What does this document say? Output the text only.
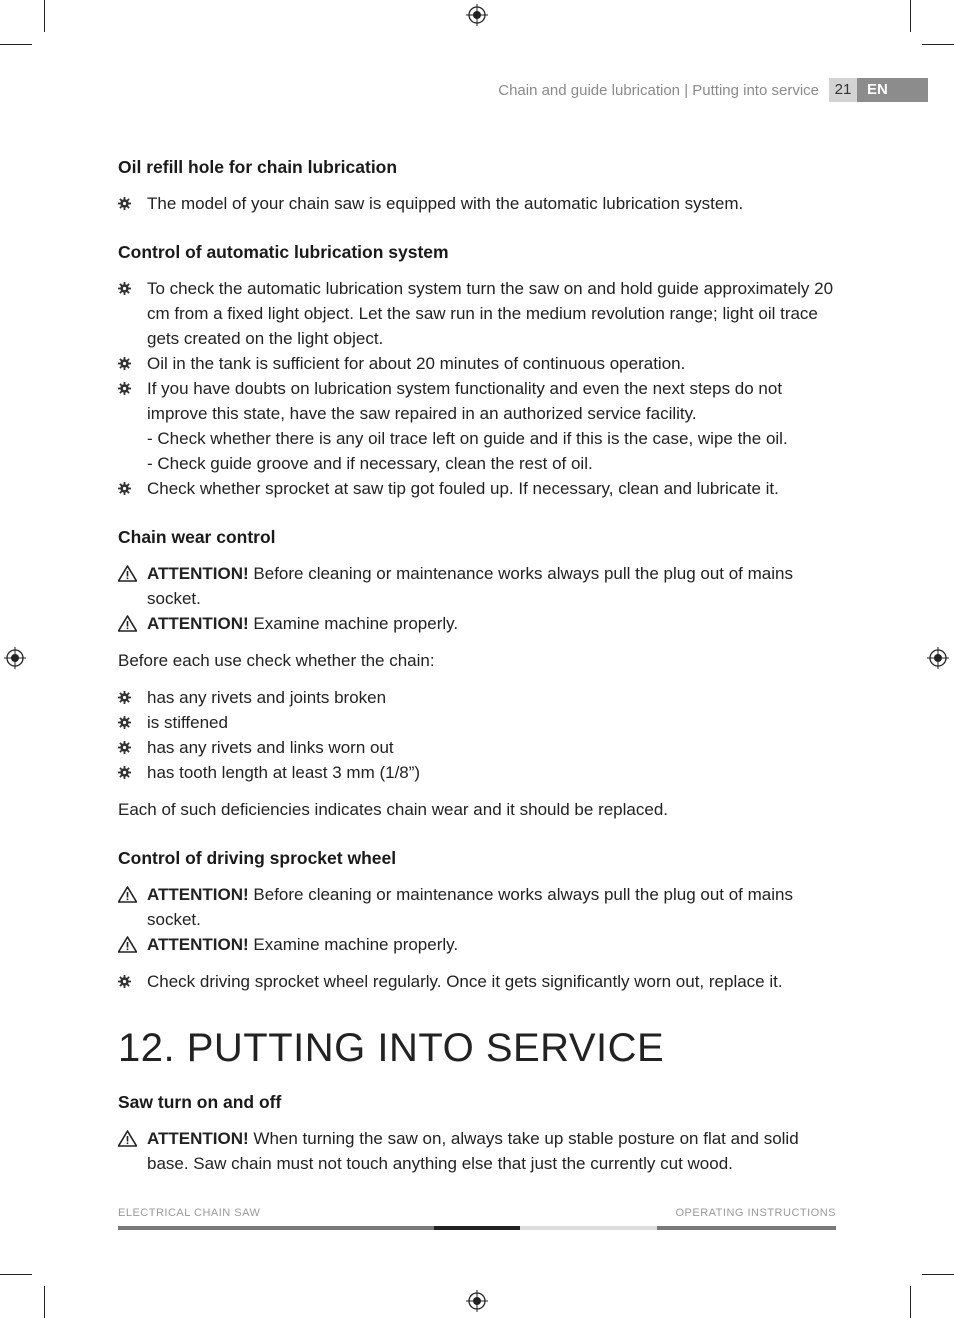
Chain and guide lubrication | Putting into service	21	EN
Oil refill hole for chain lubrication
The model of your chain saw is equipped with the automatic lubrication system.
Control of automatic lubrication system
To check the automatic lubrication system turn the saw on and hold guide approximately 20 cm from a fixed light object. Let the saw run in the medium revolution range; light oil trace gets created on the light object.
Oil in the tank is sufficient for about 20 minutes of continuous operation.
If you have doubts on lubrication system functionality and even the next steps do not improve this state, have the saw repaired in an authorized service facility.
- Check whether there is any oil trace left on guide and if this is the case, wipe the oil.
- Check guide groove and if necessary, clean the rest of oil.
Check whether sprocket at saw tip got fouled up. If necessary, clean and lubricate it.
Chain wear control
ATTENTION! Before cleaning or maintenance works always pull the plug out of mains socket.
ATTENTION! Examine machine properly.
Before each use check whether the chain:
has any rivets and joints broken
is stiffened
has any rivets and links worn out
has tooth length at least 3 mm (1/8”)
Each of such deficiencies indicates chain wear and it should be replaced.
Control of driving sprocket wheel
ATTENTION! Before cleaning or maintenance works always pull the plug out of mains socket.
ATTENTION! Examine machine properly.
Check driving sprocket wheel regularly. Once it gets significantly worn out, replace it.
12. PUTTING INTO SERVICE
Saw turn on and off
ATTENTION! When turning the saw on, always take up stable posture on flat and solid base. Saw chain must not touch anything else that just the currently cut wood.
ELECTRICAL CHAIN SAW	OPERATING INSTRUCTIONS
